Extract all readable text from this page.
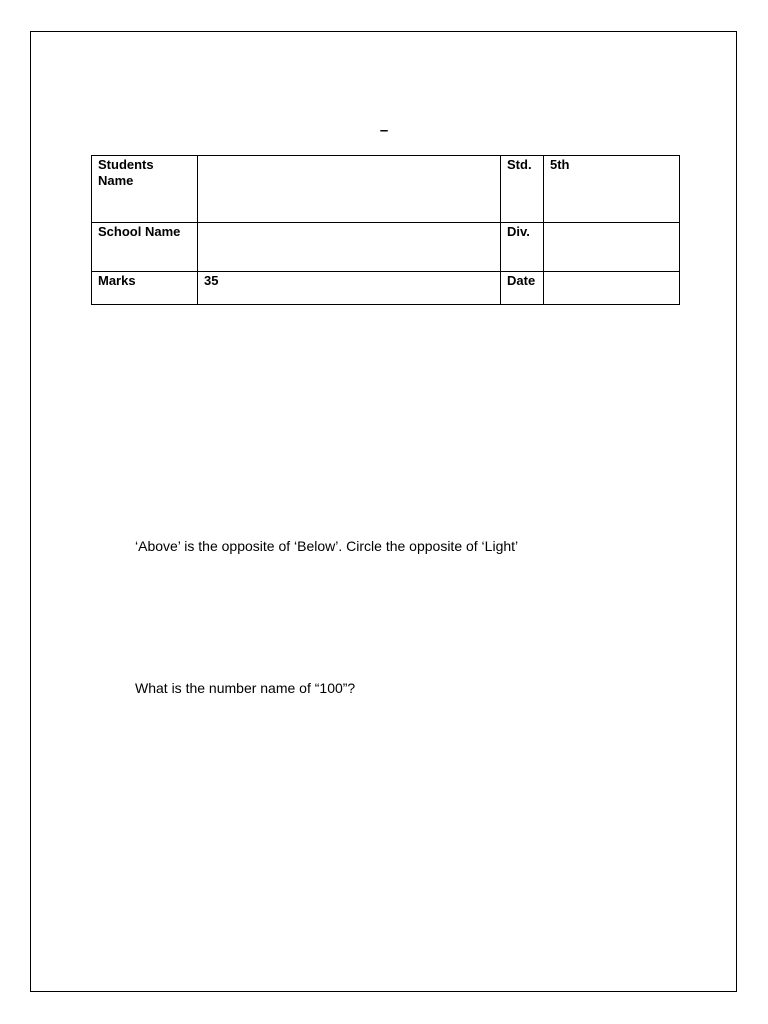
–
Students Name		Std.	5th
School Name		Div.	
Marks	35	Date	
‘Above’ is the opposite of ‘Below’. Circle the opposite of ‘Light’
What is the number name of “100”?
